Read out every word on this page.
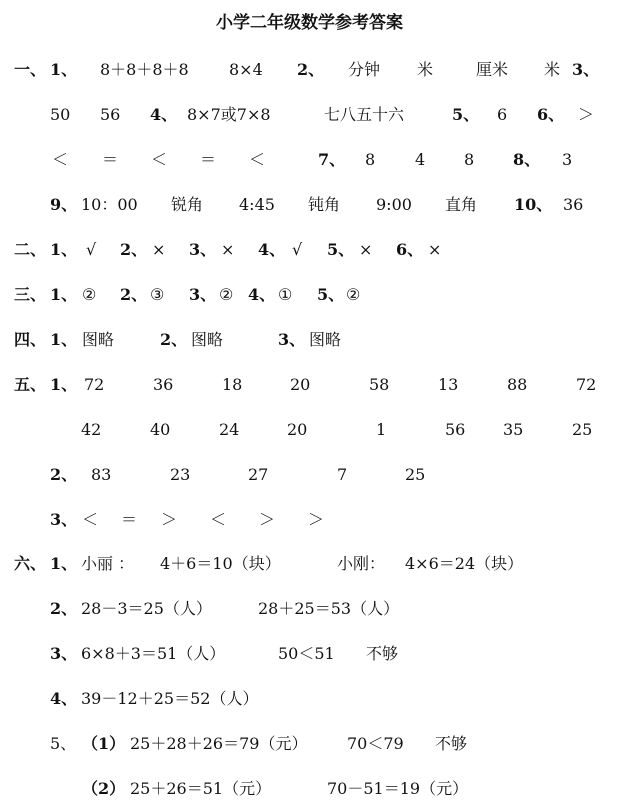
小学二年级数学参考答案
一、 1、 8＋8＋8＋8	8×4 2、 分钟 米	厘米 米 3、
50 56 4、 8×7或7×8	七八五十六	5、 6 6、 ＞
＜ ＝ ＜ ＝ ＜	7、 8 4 8 8、 3
9、 10：00 锐角 4:45 钝角 9:00 直角 10、 36
二、 1、 √ 2、 × 3、 × 4、 √ 5、 × 6、 ×
三、 1、 ② 2、 ③ 3、 ② 4、 ① 5、 ②
四、 1、 图略	2、 图略	3、 图略
五、 1、 72	36	18	20	58	13	88	72
42	40	24	20	1	56 35	25
2、 83	23	27	7	25
3、 ＜ ＝ ＞ ＜ ＞ ＞
六、 1、 小丽 ： 4＋6＝10（块）	小刚： 4×6＝24（块）
2、 28－3＝25（人）	28＋25＝53（人）
3、 6×8＋3＝51（人）	50＜51 不够
4、 39－12＋25＝52（人）
5、 （1） 25＋28＋26＝79（元） 70＜79 不够
（2） 25＋26＝51（元）	70－51＝19（元）
